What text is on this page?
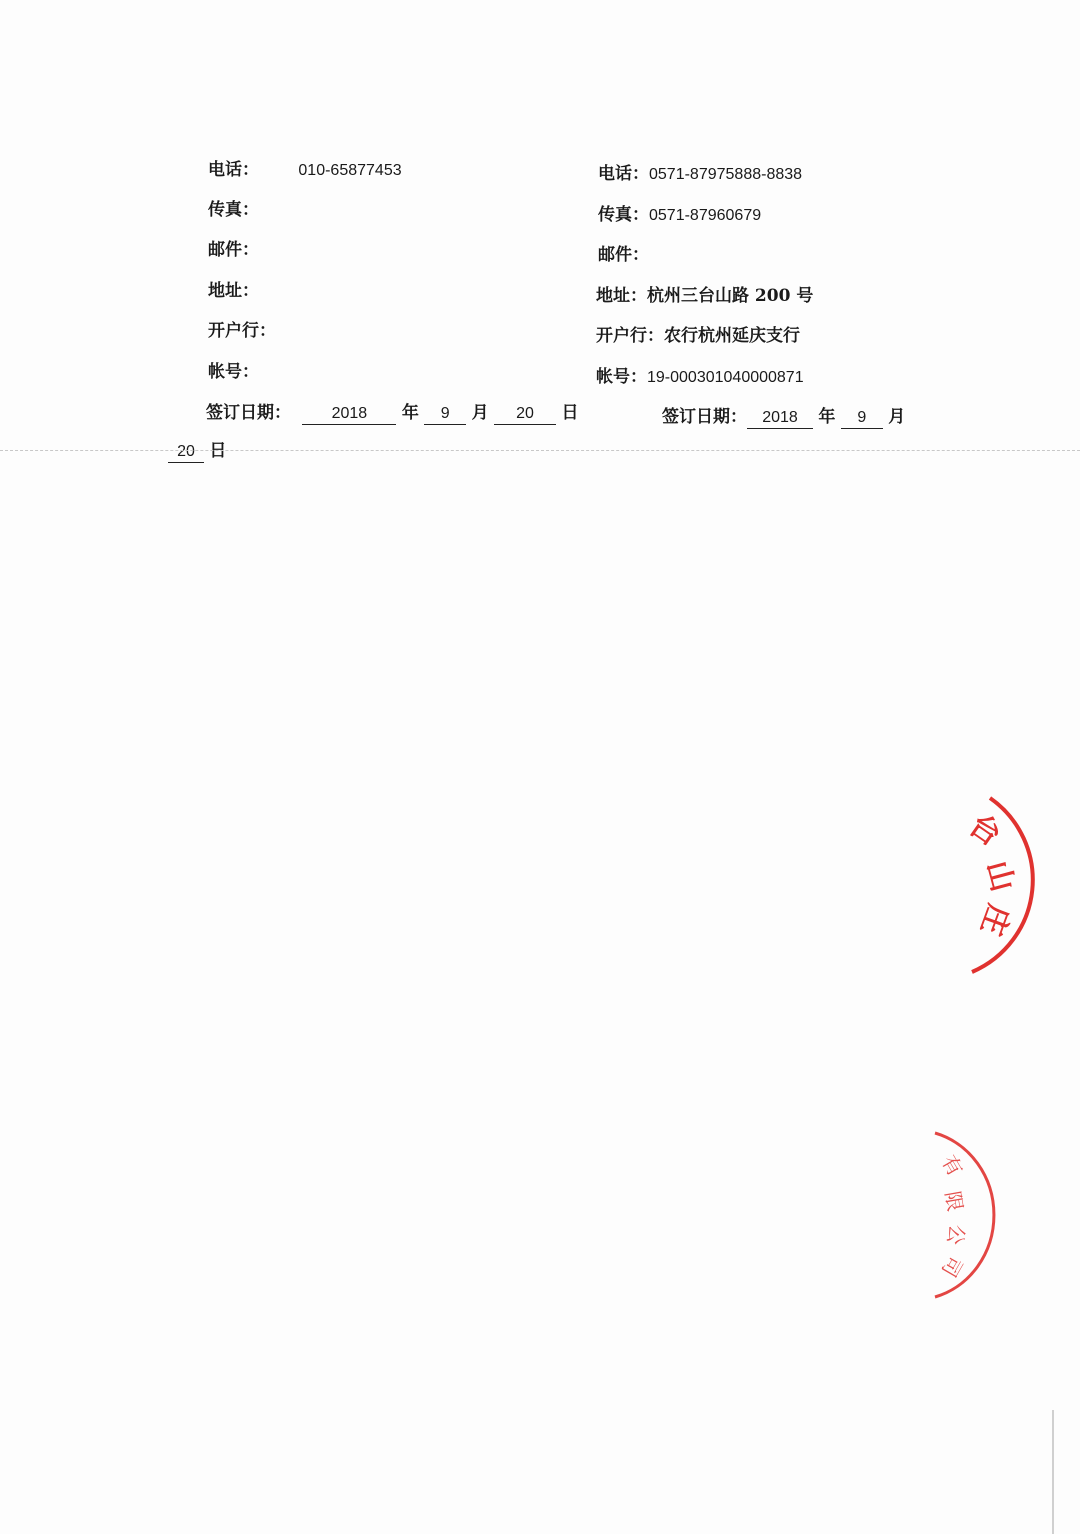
电话： 010-65877453
传真：
邮件：
地址：
开户行：
帐号：
电话：0571-87975888-8838
传真：0571-87960679
邮件：
地址：杭州三台山路 200 号
开户行：农行杭州延庆支行
帐号：19-000301040000871
签订日期：	2018 年 9 月 20 日	签订日期： 2018 年 9 月
20 日
台
山
庄
有
限
公
司
